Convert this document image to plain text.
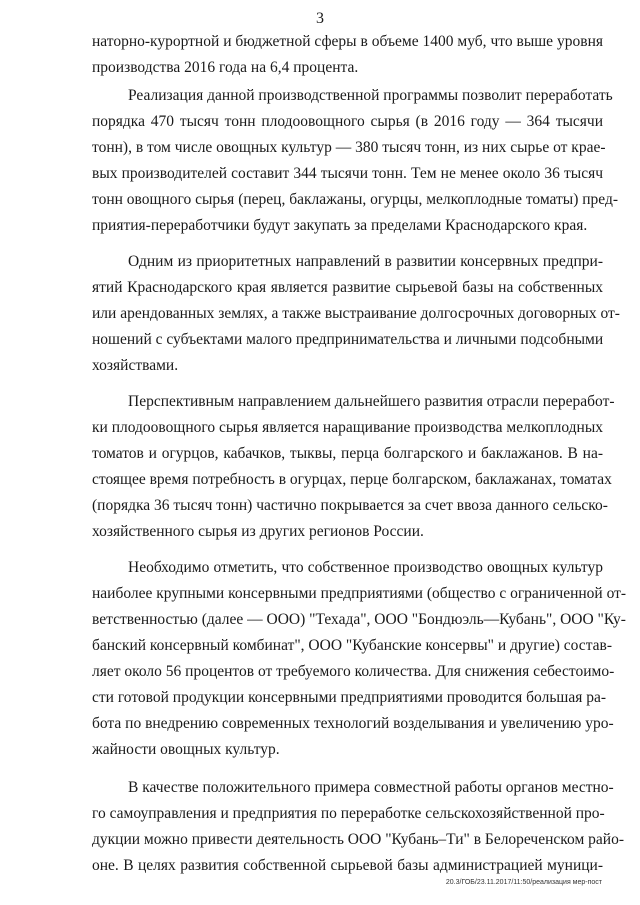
3
наторно-курортной и бюджетной сферы в объеме 1400 муб, что выше уровня
производства 2016 года на 6,4 процента.
Реализация данной производственной программы позволит переработать
порядка 470 тысяч тонн плодоовощного сырья (в 2016 году — 364 тысячи
тонн), в том числе овощных культур — 380 тысяч тонн, из них сырье от крае-
вых производителей составит 344 тысячи тонн. Тем не менее около 36 тысяч
тонн овощного сырья (перец, баклажаны, огурцы, мелкоплодные томаты) пред-
приятия-переработчики будут закупать за пределами Краснодарского края.
Одним из приоритетных направлений в развитии консервных предпри-
ятий Краснодарского края является развитие сырьевой базы на собственных
или арендованных землях, а также выстраивание долгосрочных договорных от-
ношений с субъектами малого предпринимательства и личными подсобными
хозяйствами.
Перспективным направлением дальнейшего развития отрасли переработ-
ки плодоовощного сырья является наращивание производства мелкоплодных
томатов и огурцов, кабачков, тыквы, перца болгарского и баклажанов. В на-
стоящее время потребность в огурцах, перце болгарском, баклажанах, томатах
(порядка 36 тысяч тонн) частично покрывается за счет ввоза данного сельско-
хозяйственного сырья из других регионов России.
Необходимо отметить, что собственное производство овощных культур
наиболее крупными консервными предприятиями (общество с ограниченной от-
ветственностью (далее — ООО) "Техада", ООО "Бондюэль—Кубань", ООО "Ку-
банский консервный комбинат", ООО "Кубанские консервы" и другие) состав-
ляет около 56 процентов от требуемого количества. Для снижения себестоимо-
сти готовой продукции консервными предприятиями проводится большая ра-
бота по внедрению современных технологий возделывания и увеличению уро-
жайности овощных культур.
В качестве положительного примера совместной работы органов местно-
го самоуправления и предприятия по переработке сельскохозяйственной про-
дукции можно привести деятельность ООО "Кубань–Ти" в Белореченском райо-
20.3/ГОБ/23.11.2017/11:50/реализация мер-пост
оне. В целях развития собственной сырьевой базы администрацией муници-
